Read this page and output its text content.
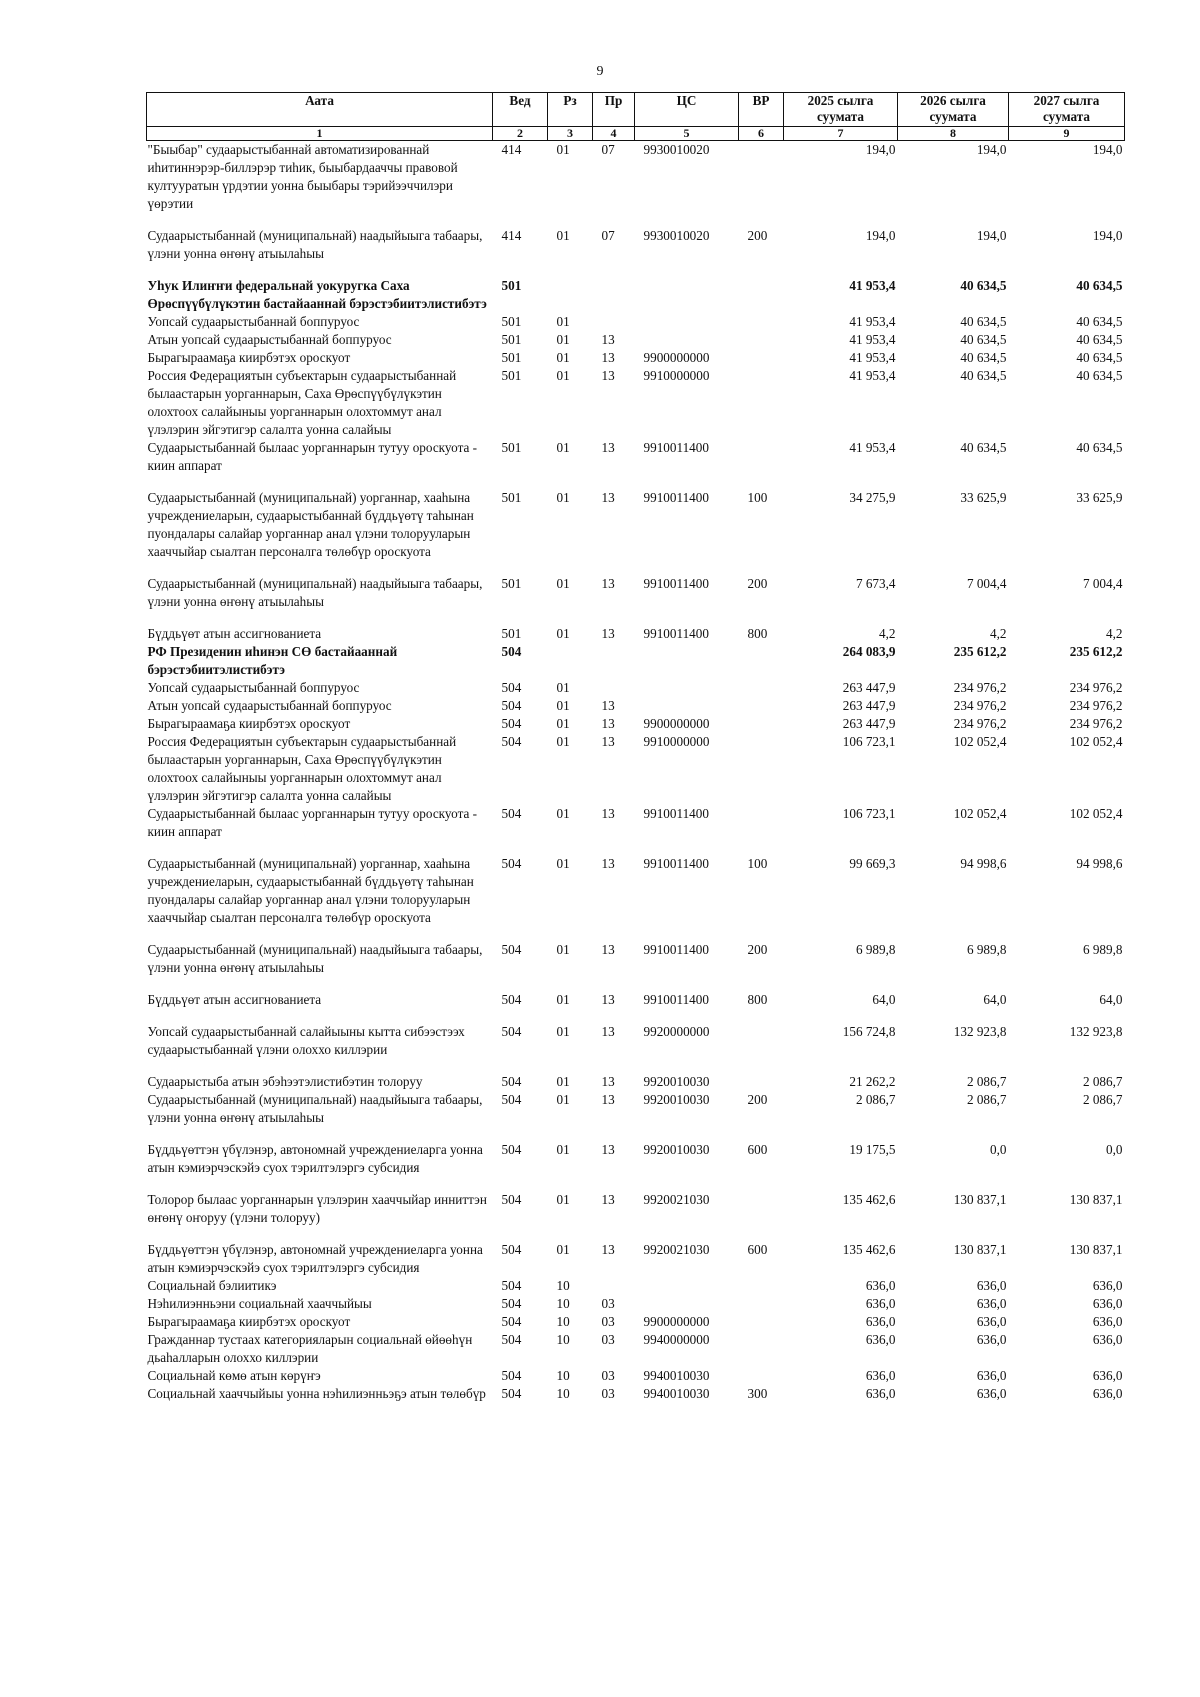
9
Аата	Вед	Рз	Пр	ЦС	ВР	2025 сылга суумата	2026 сылга суумата	2027 сылга суумата
1	2	3	4	5	6	7	8	9
"Быыбар" судаарыстыбаннай автоматизированнай иһитиннэрэр-биллэрэр тиһик, быыбардааччы правовой култууратын үрдэтии уонна быыбары тэрийээччилэри үөрэтии	414	01	07	9930010020		194,0	194,0	194,0
Судаарыстыбаннай (муниципальнай) наадыйыыга табаары, үлэни уонна өҥөнү атыылаһыы	414	01	07	9930010020	200	194,0	194,0	194,0
Уһук Илиҥҥи федеральнай уокуругка Саха Өрөспүүбүлүкэтин бастайааннай бэрэстэбиитэлистибэтэ	501					41 953,4	40 634,5	40 634,5
Уопсай судаарыстыбаннай боппуруос	501	01				41 953,4	40 634,5	40 634,5
Атын уопсай судаарыстыбаннай боппуруос	501	01	13			41 953,4	40 634,5	40 634,5
Бырагыраамаҕа киирбэтэх ороскуот	501	01	13	9900000000		41 953,4	40 634,5	40 634,5
Россия Федерациятын субъектарын судаарыстыбаннай былаастарын уорганнарын, Саха Өрөспүүбүлүкэтин олохтоох салайыныы уорганнарын олохтоммут анал үлэлэрин эйгэтигэр салалта уонна салайыы	501	01	13	9910000000		41 953,4	40 634,5	40 634,5
Судаарыстыбаннай былаас уорганнарын тутуу ороскуота - киин аппарат	501	01	13	9910011400		41 953,4	40 634,5	40 634,5
Судаарыстыбаннай (муниципальнай) уорганнар, хааһына учреждениеларын, судаарыстыбаннай бүддьүөтү таһынан пуондалары салайар уорганнар анал үлэни толорууларын хааччыйар сыалтан персоналга төлөбүр ороскуота	501	01	13	9910011400	100	34 275,9	33 625,9	33 625,9
Судаарыстыбаннай (муниципальнай) наадыйыыга табаары, үлэни уонна өҥөнү атыылаһыы	501	01	13	9910011400	200	7 673,4	7 004,4	7 004,4
Бүддьүөт атын ассигнованиета	501	01	13	9910011400	800	4,2	4,2	4,2
РФ Президенин иһинэн СӨ бастайааннай бэрэстэбиитэлистибэтэ	504					264 083,9	235 612,2	235 612,2
Уопсай судаарыстыбаннай боппуруос	504	01				263 447,9	234 976,2	234 976,2
Атын уопсай судаарыстыбаннай боппуруос	504	01	13			263 447,9	234 976,2	234 976,2
Бырагыраамаҕа киирбэтэх ороскуот	504	01	13	9900000000		263 447,9	234 976,2	234 976,2
Россия Федерациятын субъектарын судаарыстыбаннай былаастарын уорганнарын, Саха Өрөспүүбүлүкэтин олохтоох салайыныы уорганнарын олохтоммут анал үлэлэрин эйгэтигэр салалта уонна салайыы	504	01	13	9910000000		106 723,1	102 052,4	102 052,4
Судаарыстыбаннай былаас уорганнарын тутуу ороскуота - киин аппарат	504	01	13	9910011400		106 723,1	102 052,4	102 052,4
Судаарыстыбаннай (муниципальнай) уорганнар, хааһына учреждениеларын, судаарыстыбаннай бүддьүөтү таһынан пуондалары салайар уорганнар анал үлэни толорууларын хааччыйар сыалтан персоналга төлөбүр ороскуота	504	01	13	9910011400	100	99 669,3	94 998,6	94 998,6
Судаарыстыбаннай (муниципальнай) наадыйыыга табаары, үлэни уонна өҥөнү атыылаһыы	504	01	13	9910011400	200	6 989,8	6 989,8	6 989,8
Бүддьүөт атын ассигнованиета	504	01	13	9910011400	800	64,0	64,0	64,0
Уопсай судаарыстыбаннай салайыыны кытта сибээстээх судаарыстыбаннай үлэни олоххо киллэрии	504	01	13	9920000000		156 724,8	132 923,8	132 923,8
Судаарыстыба атын эбэһээтэлистибэтин толоруу	504	01	13	9920010030		21 262,2	2 086,7	2 086,7
Судаарыстыбаннай (муниципальнай) наадыйыыга табаары, үлэни уонна өҥөнү атыылаһыы	504	01	13	9920010030	200	2 086,7	2 086,7	2 086,7
Бүддьүөттэн үбүлэнэр, автономнай учреждениеларга уонна атын кэмиэрчэскэйэ суох тэрилтэлэргэ субсидия	504	01	13	9920010030	600	19 175,5	0,0	0,0
Толорор былаас уорганнарын үлэлэрин хааччыйар инниттэн өҥөнү оҥоруу (үлэни толоруу)	504	01	13	9920021030		135 462,6	130 837,1	130 837,1
Бүддьүөттэн үбүлэнэр, автономнай учреждениеларга уонна атын кэмиэрчэскэйэ суох тэрилтэлэргэ субсидия	504	01	13	9920021030	600	135 462,6	130 837,1	130 837,1
Социальнай бэлиитикэ	504	10				636,0	636,0	636,0
Нэһилиэнньэни социальнай хааччыйыы	504	10	03			636,0	636,0	636,0
Бырагыраамаҕа киирбэтэх ороскуот	504	10	03	9900000000		636,0	636,0	636,0
Гражданнар тустаах категорияларын социальнай өйөөһүн дьаһалларын олоххо киллэрии	504	10	03	9940000000		636,0	636,0	636,0
Социальнай көмө атын көрүҥэ	504	10	03	9940010030		636,0	636,0	636,0
Социальнай хааччыйыы уонна нэһилиэнньэҕэ атын төлөбүр	504	10	03	9940010030	300	636,0	636,0	636,0
